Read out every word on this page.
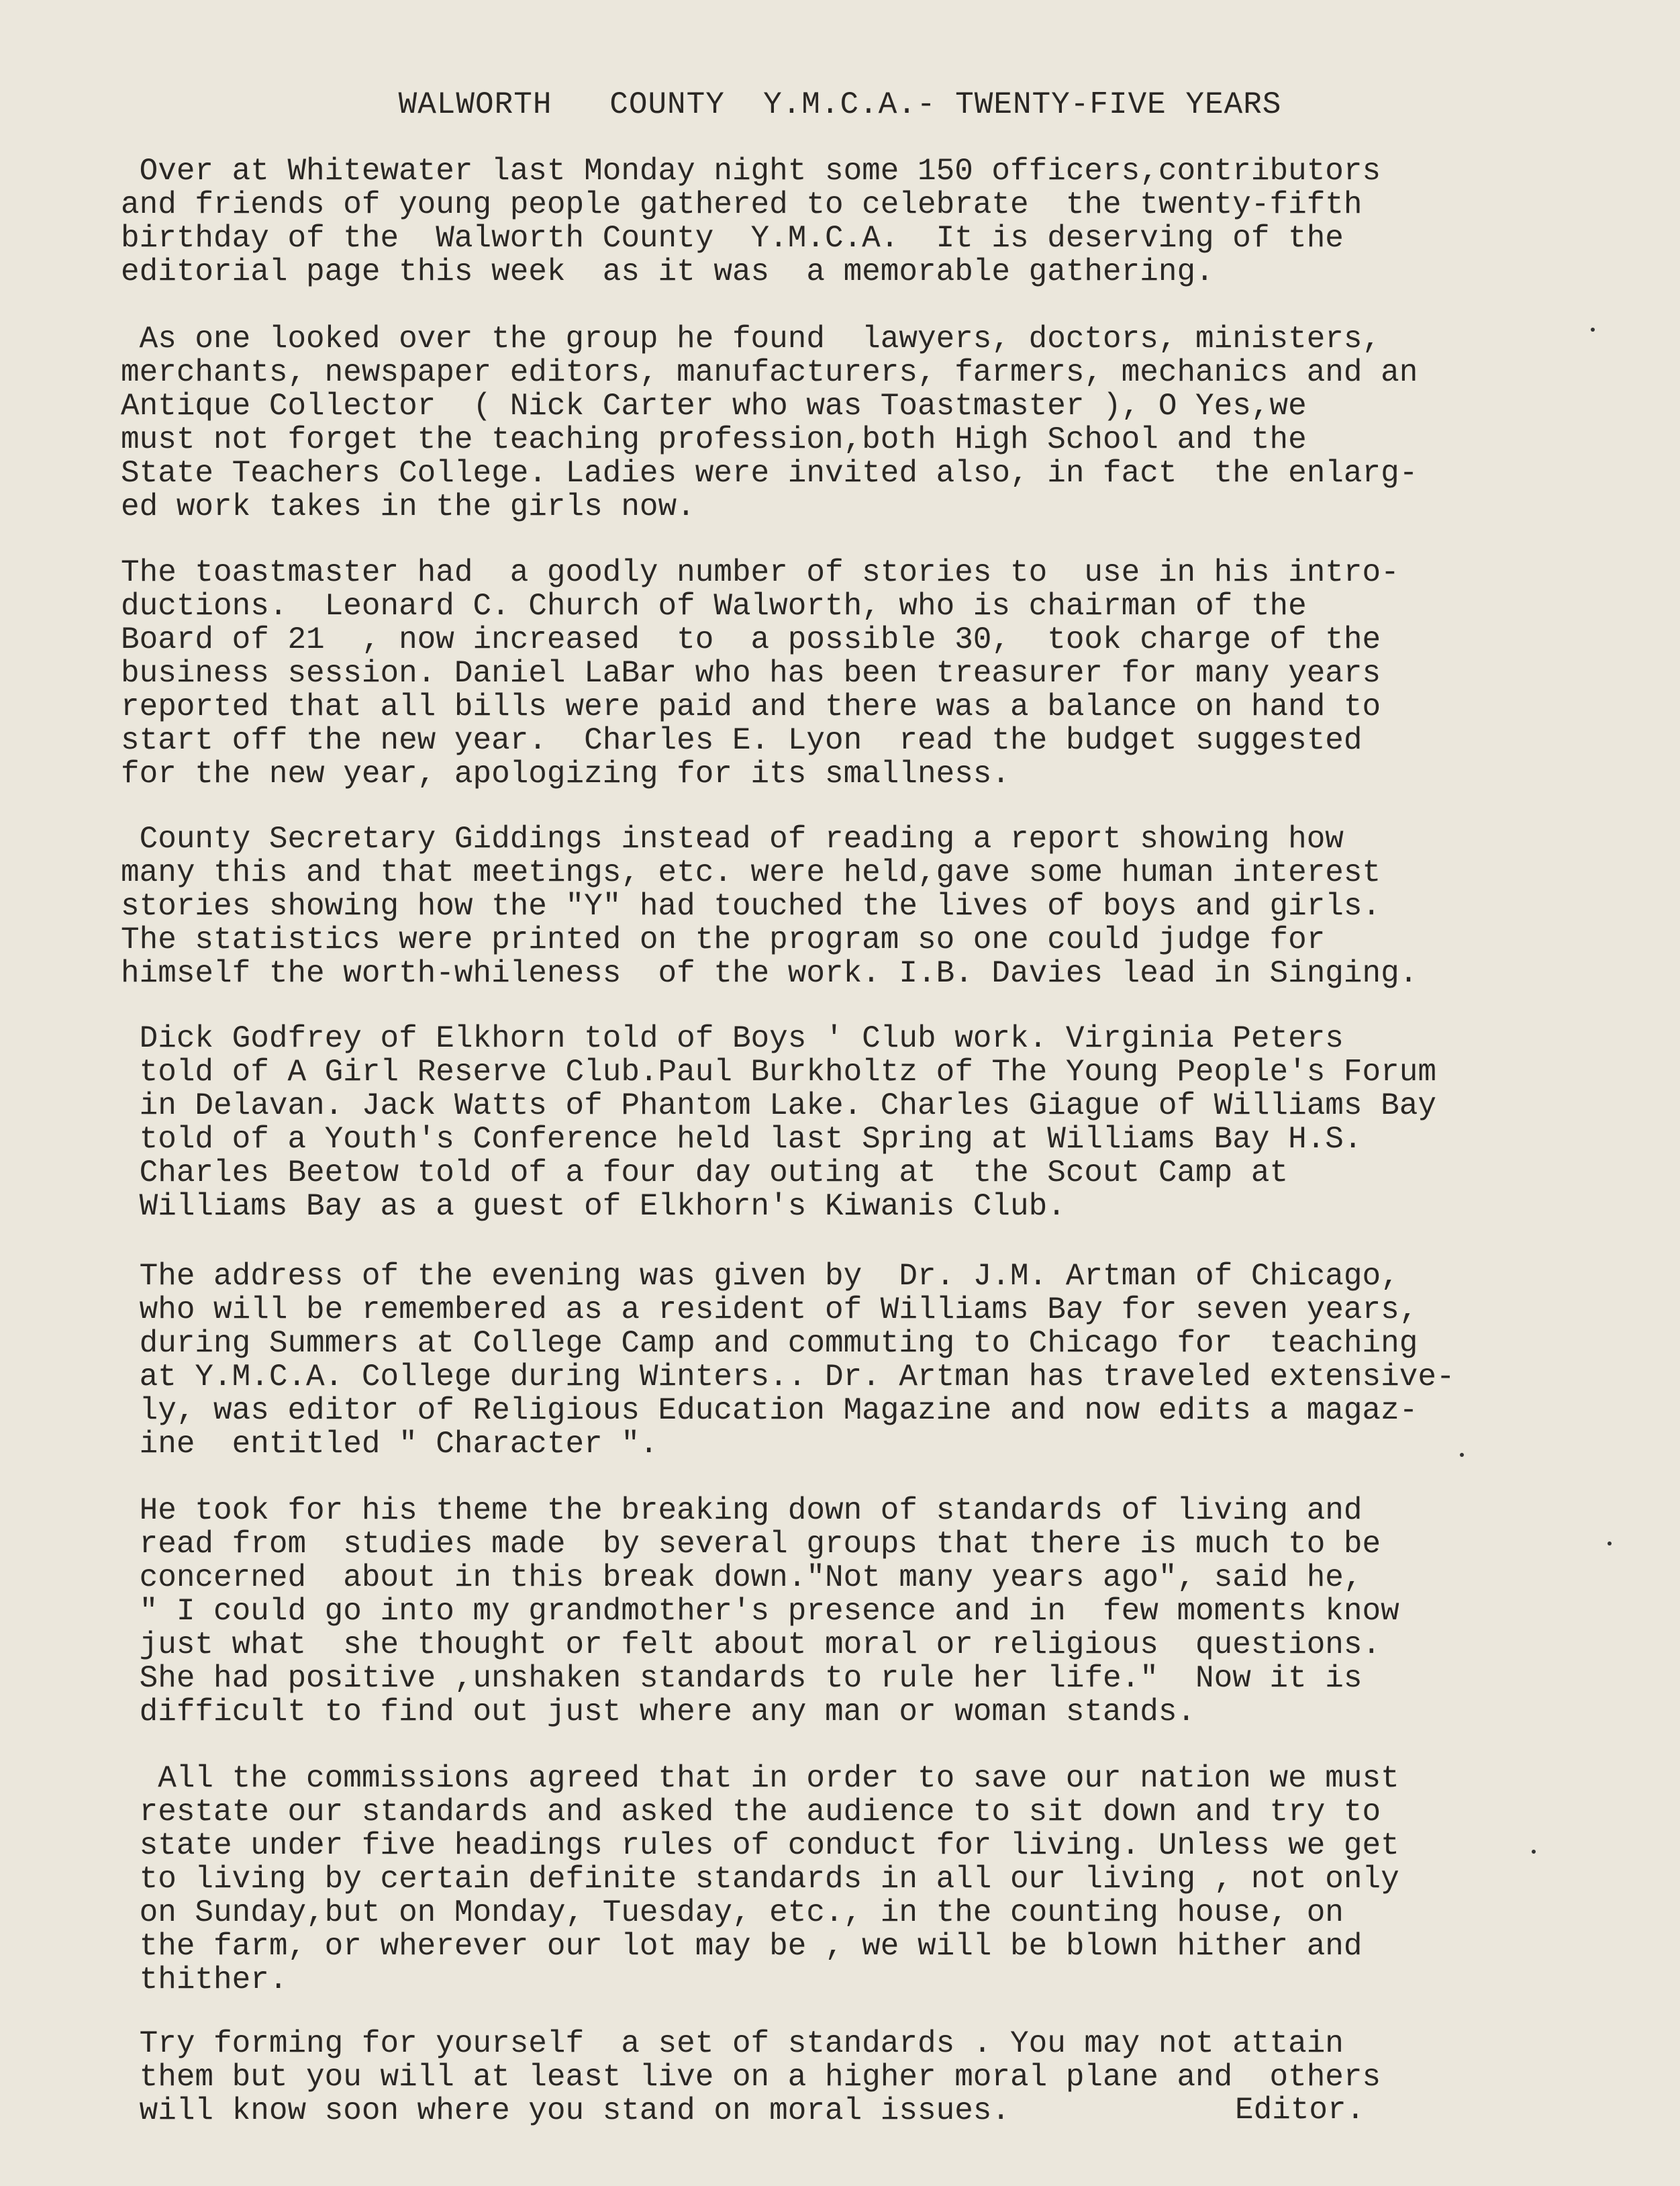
WALWORTH   COUNTY  Y.M.C.A.- TWENTY-FIVE YEARS
Over at Whitewater last Monday night some 150 officers,contributors
and friends of young people gathered to celebrate  the twenty-fifth
birthday of the  Walworth County  Y.M.C.A.  It is deserving of the
editorial page this week  as it was  a memorable gathering.
As one looked over the group he found  lawyers, doctors, ministers,
merchants, newspaper editors, manufacturers, farmers, mechanics and an
Antique Collector  ( Nick Carter who was Toastmaster ), O Yes,we
must not forget the teaching profession,both High School and the
State Teachers College. Ladies were invited also, in fact  the enlarg-
ed work takes in the girls now.
The toastmaster had  a goodly number of stories to  use in his intro-
ductions.  Leonard C. Church of Walworth, who is chairman of the
Board of 21  , now increased  to  a possible 30,  took charge of the
business session. Daniel LaBar who has been treasurer for many years
reported that all bills were paid and there was a balance on hand to
start off the new year.  Charles E. Lyon  read the budget suggested
for the new year, apologizing for its smallness.
County Secretary Giddings instead of reading a report showing how
many this and that meetings, etc. were held,gave some human interest
stories showing how the "Y" had touched the lives of boys and girls.
The statistics were printed on the program so one could judge for
himself the worth-whileness  of the work. I.B. Davies lead in Singing.
Dick Godfrey of Elkhorn told of Boys ' Club work. Virginia Peters
told of A Girl Reserve Club.Paul Burkholtz of The Young People's Forum
in Delavan. Jack Watts of Phantom Lake. Charles Giague of Williams Bay
told of a Youth's Conference held last Spring at Williams Bay H.S.
Charles Beetow told of a four day outing at  the Scout Camp at
Williams Bay as a guest of Elkhorn's Kiwanis Club.
The address of the evening was given by  Dr. J.M. Artman of Chicago,
who will be remembered as a resident of Williams Bay for seven years,
during Summers at College Camp and commuting to Chicago for  teaching
at Y.M.C.A. College during Winters.. Dr. Artman has traveled extensive-
ly, was editor of Religious Education Magazine and now edits a magaz-
ine  entitled " Character ".
He took for his theme the breaking down of standards of living and
read from  studies made  by several groups that there is much to be
concerned  about in this break down."Not many years ago", said he,
" I could go into my grandmother's presence and in  few moments know
just what  she thought or felt about moral or religious  questions.
She had positive ,unshaken standards to rule her life."  Now it is
difficult to find out just where any man or woman stands.
All the commissions agreed that in order to save our nation we must
restate our standards and asked the audience to sit down and try to
state under five headings rules of conduct for living. Unless we get
to living by certain definite standards in all our living , not only
on Sunday,but on Monday, Tuesday, etc., in the counting house, on
the farm, or wherever our lot may be , we will be blown hither and
thither.
Try forming for yourself  a set of standards . You may not attain
them but you will at least live on a higher moral plane and  others
will know soon where you stand on moral issues.	Editor.
